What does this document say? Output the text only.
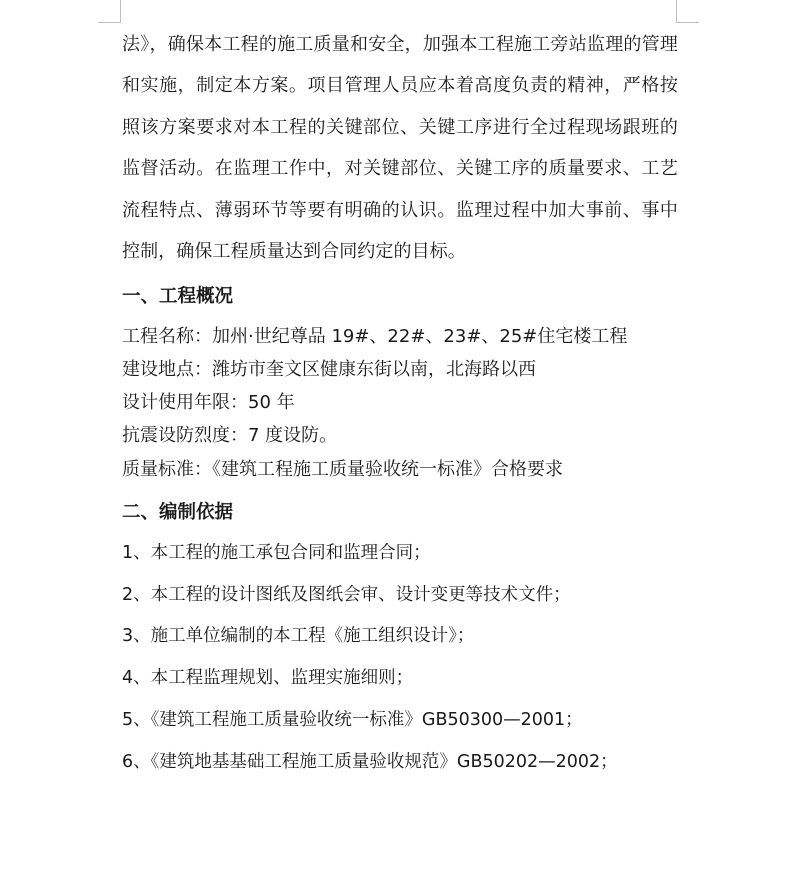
法》，确保本工程的施工质量和安全，加强本工程施工旁站监理的管理和实施，制定本方案。项目管理人员应本着高度负责的精神，严格按照该方案要求对本工程的关键部位、关键工序进行全过程现场跟班的监督活动。在监理工作中，对关键部位、关键工序的质量要求、工艺流程特点、薄弱环节等要有明确的认识。监理过程中加大事前、事中控制，确保工程质量达到合同约定的目标。

一、工程概况

工程名称：加州·世纪尊品 19#、22#、23#、25#住宅楼工程

建设地点：潍坊市奎文区健康东街以南，北海路以西

设计使用年限：50 年

抗震设防烈度：7 度设防。

质量标准：《建筑工程施工质量验收统一标准》合格要求

二、编制依据

1、本工程的施工承包合同和监理合同；

2、本工程的设计图纸及图纸会审、设计变更等技术文件；

3、施工单位编制的本工程《施工组织设计》；

4、本工程监理规划、监理实施细则；

5、《建筑工程施工质量验收统一标准》GB50300—2001；

6、《建筑地基基础工程施工质量验收规范》GB50202—2002；
